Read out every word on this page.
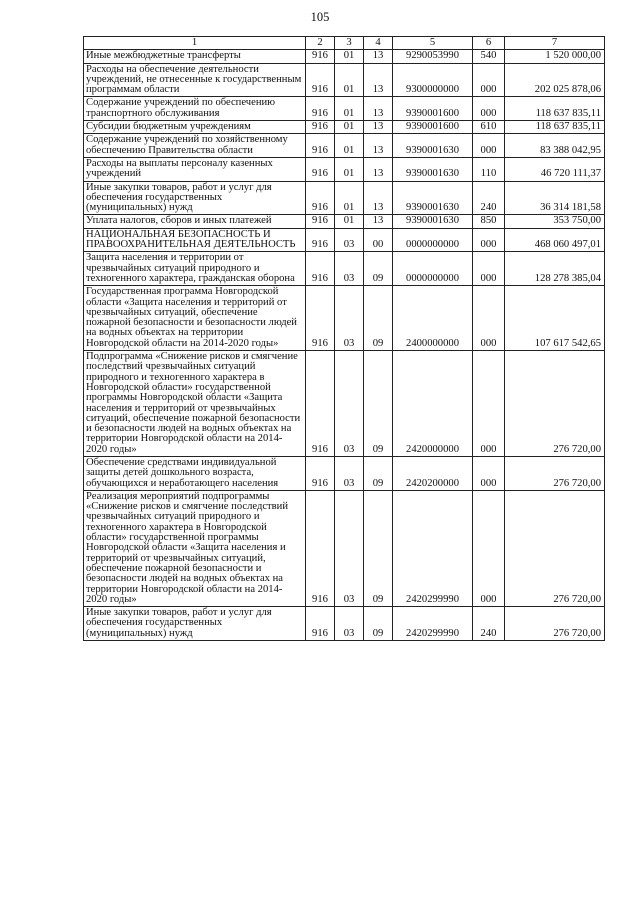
105
1	2	3	4	5	6	7
Иные межбюджетные трансферты	916	01	13	9290053990	540	1 520 000,00
Расходы на обеспечение деятельности учреждений, не отнесенные к государственным программам области	916	01	13	9300000000	000	202 025 878,06
Содержание учреждений по обеспечению транспортного обслуживания	916	01	13	9390001600	000	118 637 835,11
Субсидии бюджетным учреждениям	916	01	13	9390001600	610	118 637 835,11
Содержание учреждений по хозяйственному обеспечению Правительства области	916	01	13	9390001630	000	83 388 042,95
Расходы на выплаты персоналу казенных учреждений	916	01	13	9390001630	110	46 720 111,37
Иные закупки товаров, работ и услуг для обеспечения государственных (муниципальных) нужд	916	01	13	9390001630	240	36 314 181,58
Уплата налогов, сборов и иных платежей	916	01	13	9390001630	850	353 750,00
НАЦИОНАЛЬНАЯ БЕЗОПАСНОСТЬ И ПРАВООХРАНИТЕЛЬНАЯ ДЕЯТЕЛЬНОСТЬ	916	03	00	0000000000	000	468 060 497,01
Защита населения и территории от чрезвычайных ситуаций природного и техногенного характера, гражданская оборона	916	03	09	0000000000	000	128 278 385,04
Государственная программа Новгородской области «Защита населения и территорий от чрезвычайных ситуаций, обеспечение пожарной безопасности и безопасности людей на водных объектах на территории Новгородской области на 2014-2020 годы»	916	03	09	2400000000	000	107 617 542,65
Подпрограмма «Снижение рисков и смягчение последствий чрезвычайных ситуаций природного и техногенного характера в Новгородской области» государственной программы Новгородской области «Защита населения и территорий от чрезвычайных ситуаций, обеспечение пожарной безопасности и безопасности людей на водных объектах на территории Новгородской области на 2014-2020 годы»	916	03	09	2420000000	000	276 720,00
Обеспечение средствами индивидуальной защиты детей дошкольного возраста, обучающихся и неработающего населения	916	03	09	2420200000	000	276 720,00
Реализация мероприятий подпрограммы «Снижение рисков и смягчение последствий чрезвычайных ситуаций природного и техногенного характера в Новгородской области» государственной программы Новгородской области «Защита населения и территорий от чрезвычайных ситуаций, обеспечение пожарной безопасности и безопасности людей на водных объектах на территории Новгородской области на 2014-2020 годы»	916	03	09	2420299990	000	276 720,00
Иные закупки товаров, работ и услуг для обеспечения государственных (муниципальных) нужд	916	03	09	2420299990	240	276 720,00
